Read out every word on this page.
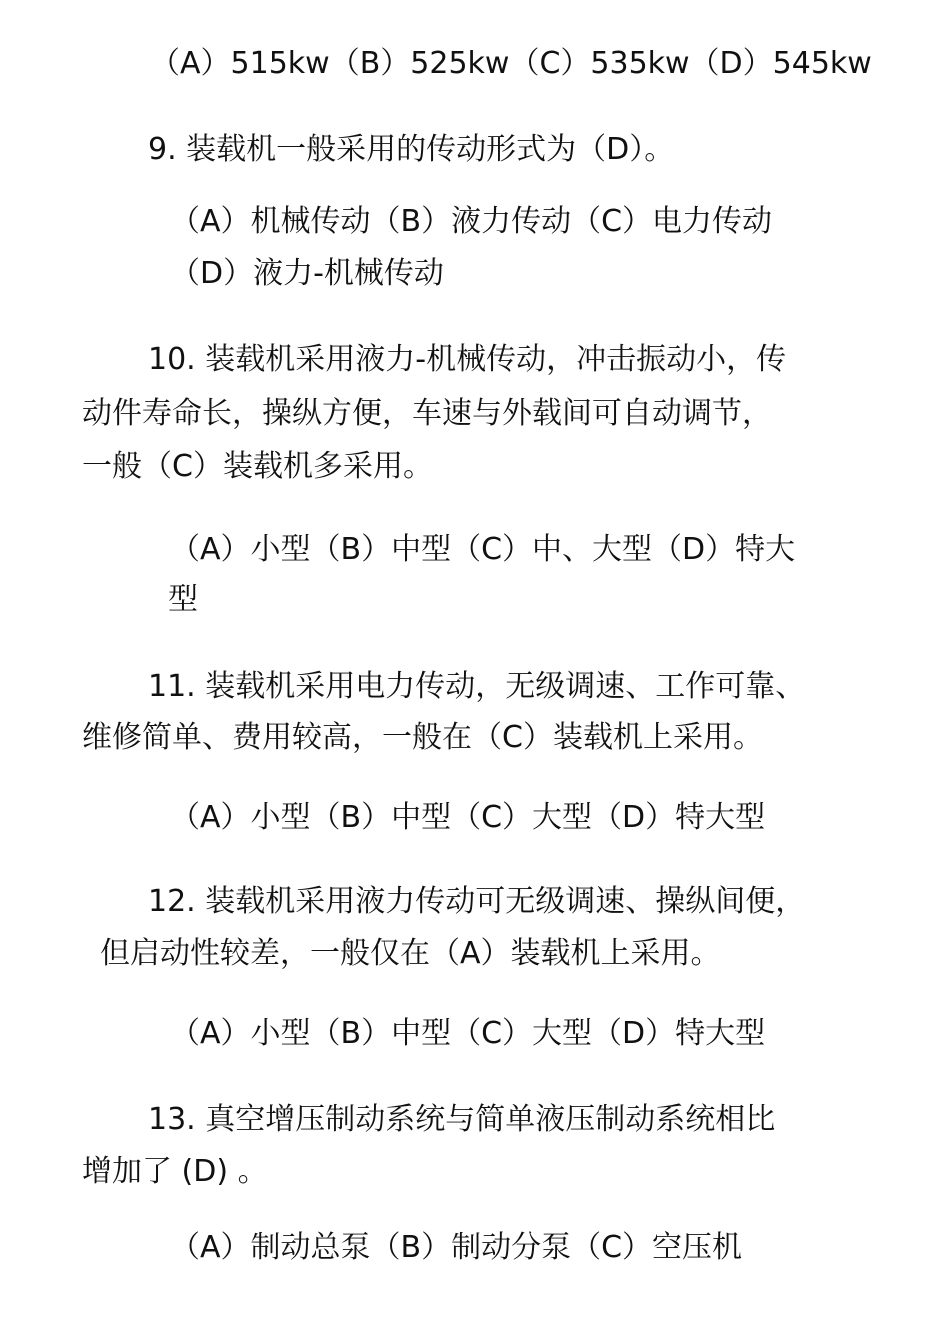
（A）515kw（B）525kw（C）535kw（D）545kw
9. 装载机一般采用的传动形式为（D）。
（A）机械传动（B）液力传动（C）电力传动
（D）液力-机械传动
10. 装载机采用液力-机械传动，冲击振动小，传
动件寿命长，操纵方便，车速与外载间可自动调节，
一般（C）装载机多采用。
（A）小型（B）中型（C）中、大型（D）特大
型
11. 装载机采用电力传动，无级调速、工作可靠、
维修简单、费用较高，一般在（C）装载机上采用。
（A）小型（B）中型（C）大型（D）特大型
12. 装载机采用液力传动可无级调速、操纵间便，
但启动性较差，一般仅在（A）装载机上采用。
（A）小型（B）中型（C）大型（D）特大型
13. 真空增压制动系统与简单液压制动系统相比
增加了 (D) 。
（A）制动总泵（B）制动分泵（C）空压机
